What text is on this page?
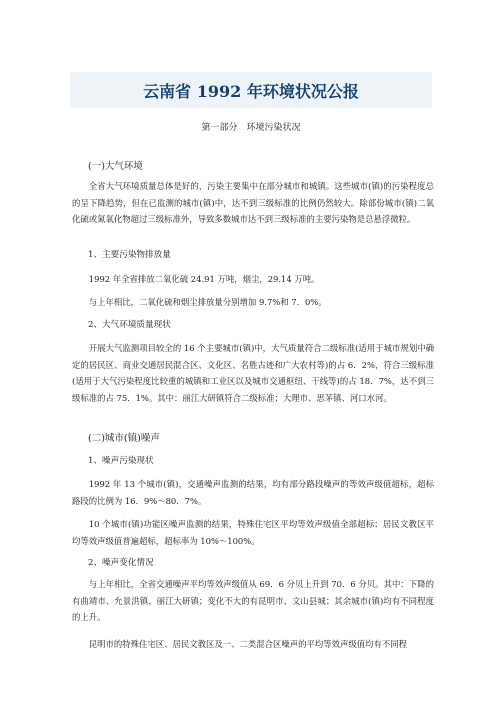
云南省 1992 年环境状况公报
第一部分　环境污染状况
(一)大气环境
全省大气环境质量总体是好的，污染主要集中在部分城市和城镇。这些城市(镇)的污染程度总的呈下降趋势，但在已监测的城市(镇)中，达不到三级标准的比例仍然较大。除部份城市(镇)二氧化硫或氮氧化物超过三级标准外，导致多数城市达不到三级标准的主要污染物是总悬浮微粒。
1、主要污染物排放量
1992 年全省排放二氧化硫 24.91 万吨，烟尘，29.14 万吨。
与上年相比，二氧化硫和烟尘排放量分别增加 9.7%和 7．0%。
2、大气环境质量现状
开展大气监测项目较全的 16 个主要城市(镇)中，大气质量符合二级标准(适用于城市规划中确定的居民区、商业交通居民混合区、文化区、名胜古迹和广大农村等)的占 6．2%，符合三级标准(适用于大气污染程度比较重的城镇和工业区以及城市交通枢纽、干线等)的占 18．7%，达不到三级标准的占 75．1%。其中：丽江大研镇符合二级标准；大理市、思茅镇、河口水河。
(二)城市(镇)噪声
1、噪声污染现状
1992 年 13 个城市(镇)，交通噪声监测的结果，均有部分路段噪声的等效声级值超标，超标路段的比例为 16．9%～80．7%。
10 个城市(镇)功能区噪声监测的结果，特殊住宅区平均等效声级值全部超标；居民文教区平均等效声级值普遍超标，超标率为 10%～100%。
2、噪声变化情况
与上年相比，全省交通噪声平均等效声级值从 69．6 分贝上升到 70．6 分贝。其中：下降的有曲靖市、允景洪镇、丽江大研镇；变化不大的有昆明市、文山县城；其余城市(镇)均有不同程度的上升。
昆明市的特殊住宅区、居民文教区及一、二类混合区噪声的平均等效声级值均有不同程
